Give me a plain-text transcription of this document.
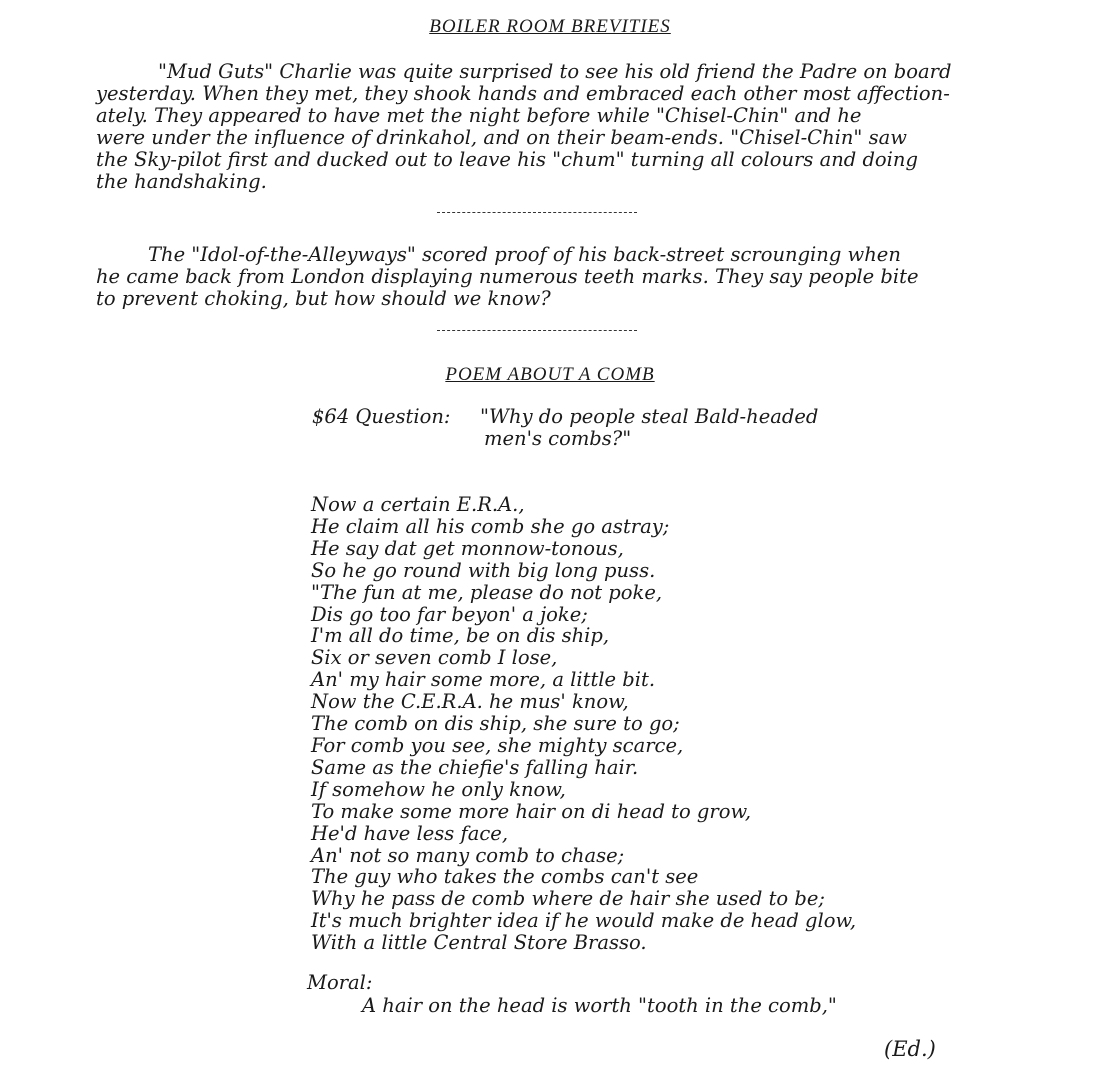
BOILER ROOM BREVITIES
"Mud Guts" Charlie was quite surprised to see his old friend the Padre on board
yesterday. When they met, they shook hands and embraced each other most affection-
ately. They appeared to have met the night before while "Chisel-Chin" and he
were under the influence of drinkahol, and on their beam-ends. "Chisel-Chin" saw
the Sky-pilot first and ducked out to leave his "chum" turning all colours and doing
the handshaking.
The "Idol-of-the-Alleyways" scored proof of his back-street scrounging when
he came back from London displaying numerous teeth marks. They say people bite
to prevent choking, but how should we know?
POEM ABOUT A COMB
$64 Question: "Why do people steal Bald-headed
men's combs?"
Now a certain E.R.A.,
He claim all his comb she go astray;
He say dat get monnow-tonous,
So he go round with big long puss.
"The fun at me, please do not poke,
Dis go too far beyon' a joke;
I'm all do time, be on dis ship,
Six or seven comb I lose,
An' my hair some more, a little bit.
Now the C.E.R.A. he mus' know,
The comb on dis ship, she sure to go;
For comb you see, she mighty scarce,
Same as the chiefie's falling hair.
If somehow he only know,
To make some more hair on di head to grow,
He'd have less face,
An' not so many comb to chase;
The guy who takes the combs can't see
Why he pass de comb where de hair she used to be;
It's much brighter idea if he would make de head glow,
With a little Central Store Brasso.
Moral:
A hair on the head is worth "tooth in the comb,"
(Ed.)
